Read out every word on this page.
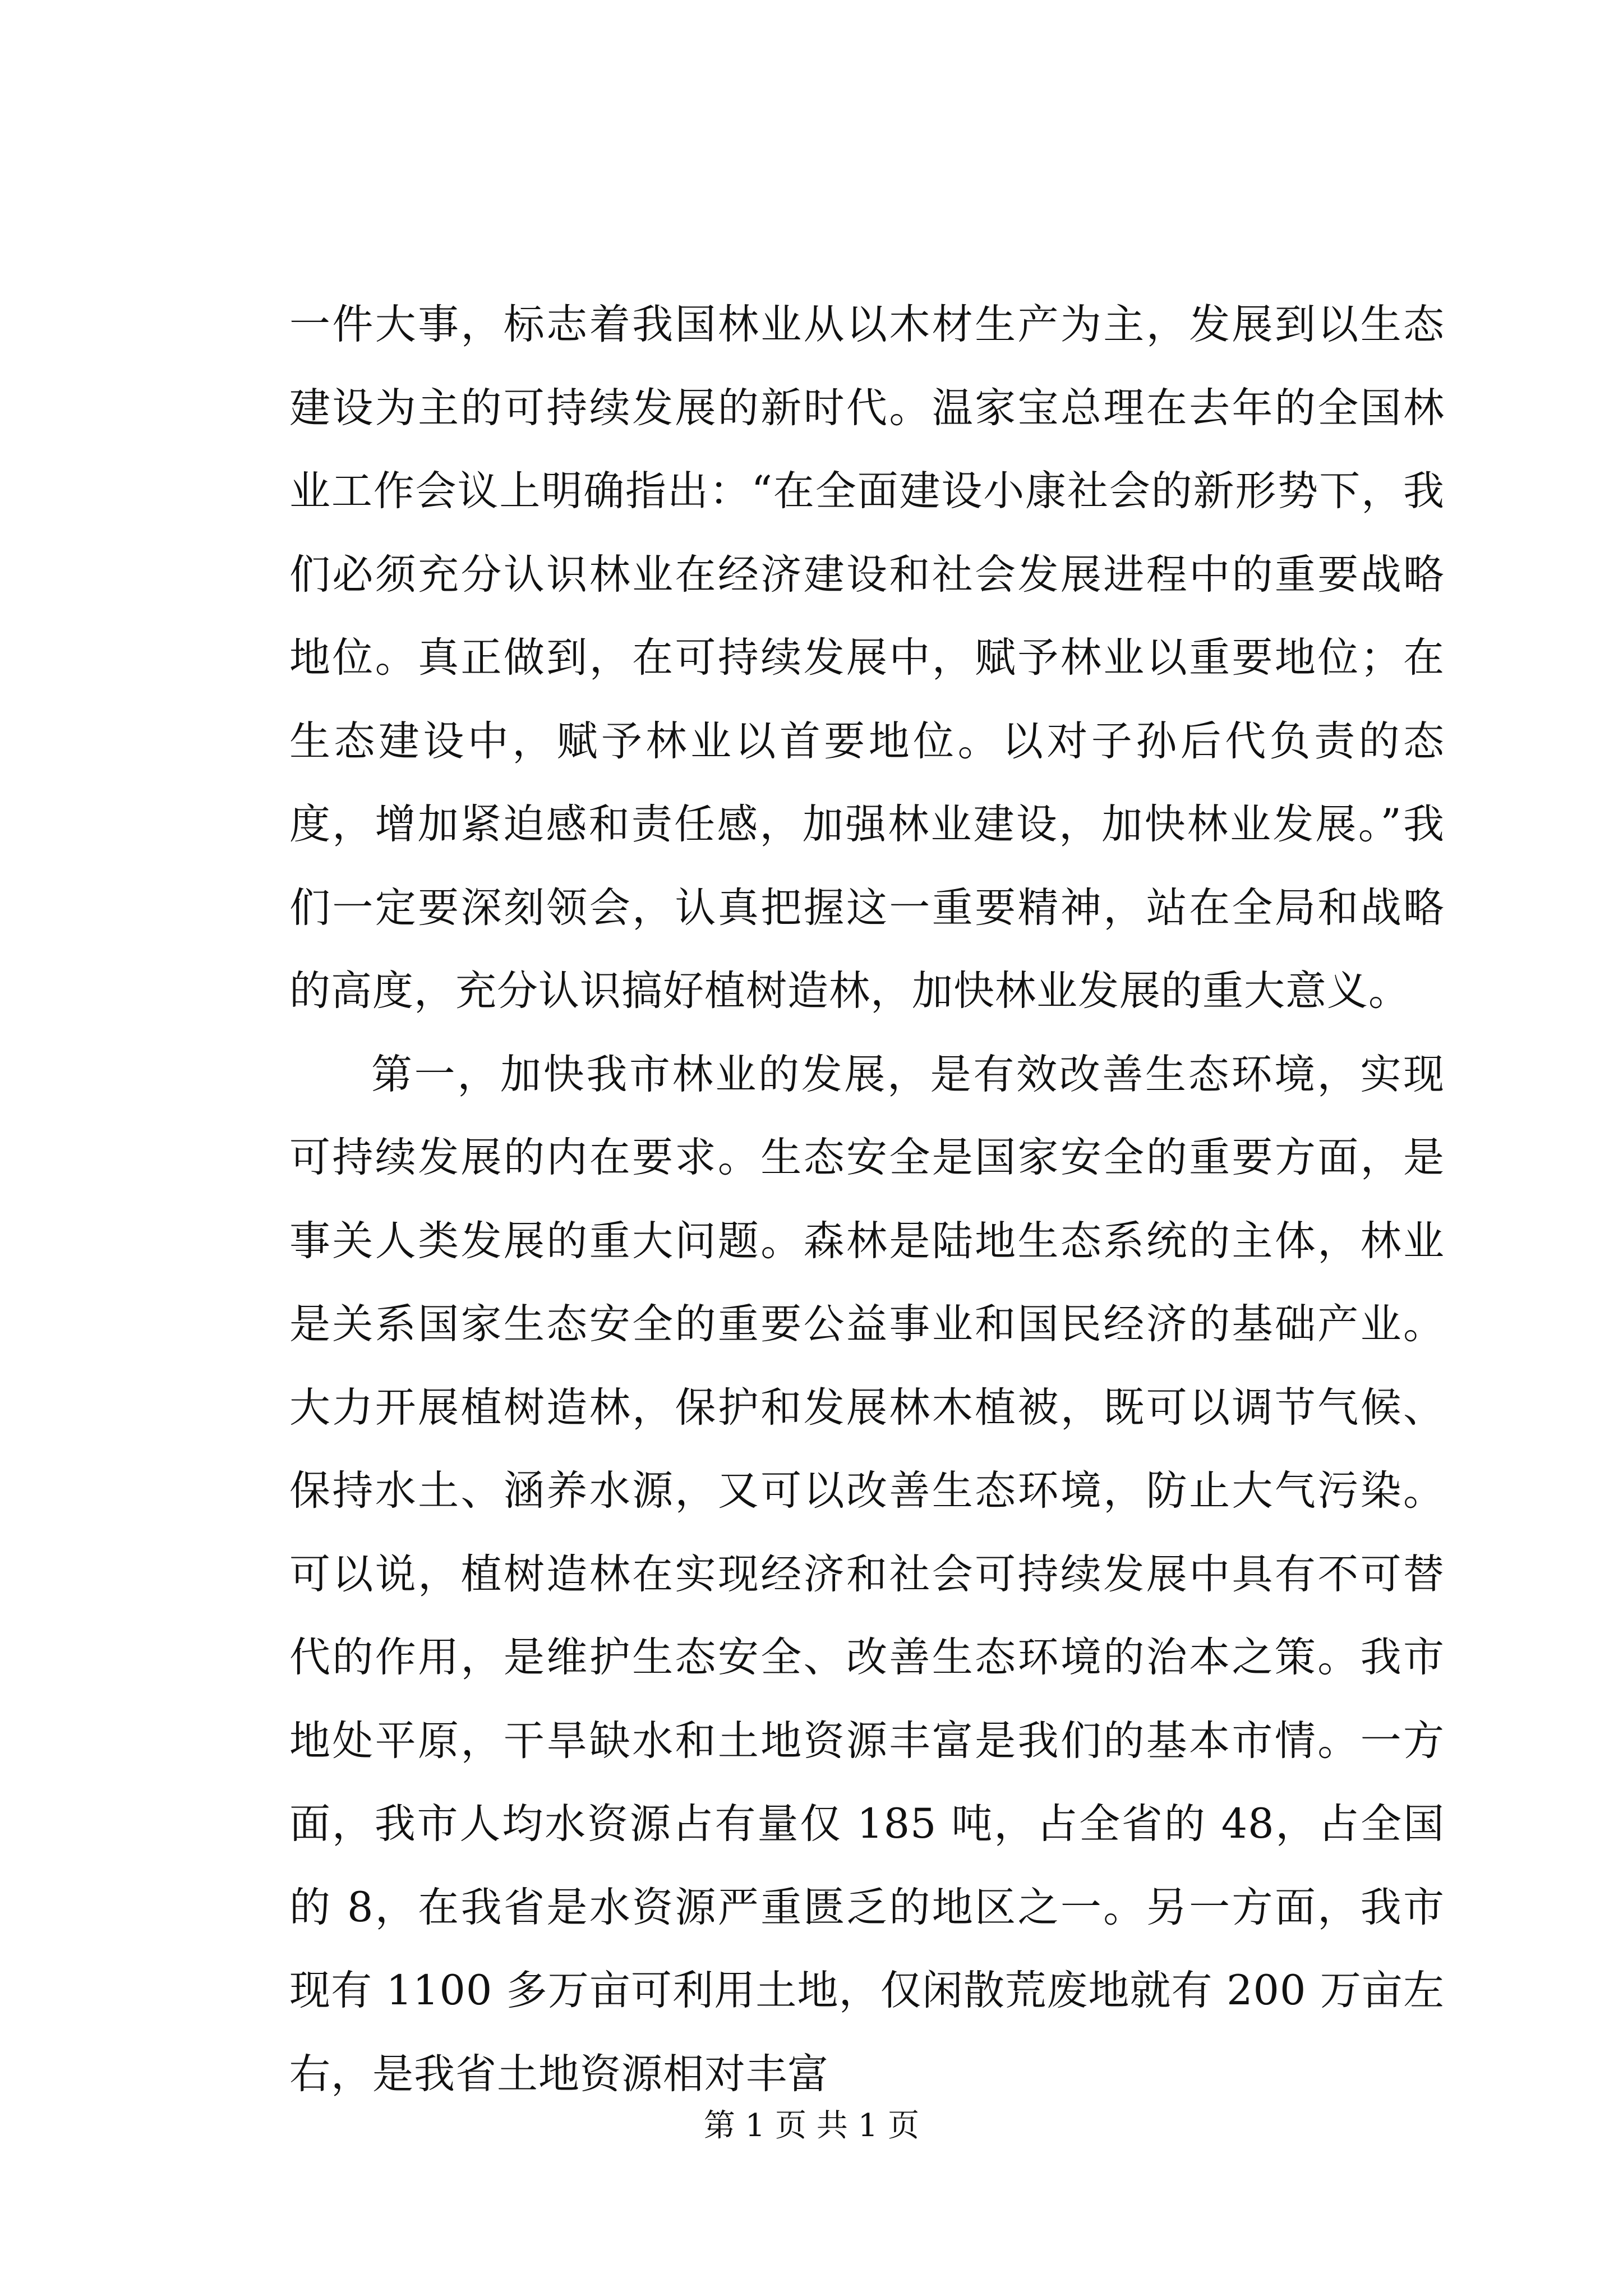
一件大事，标志着我国林业从以木材生产为主，发展到以生态建设为主的可持续发展的新时代。温家宝总理在去年的全国林业工作会议上明确指出：“在全面建设小康社会的新形势下，我们必须充分认识林业在经济建设和社会发展进程中的重要战略地位。真正做到，在可持续发展中，赋予林业以重要地位；在生态建设中，赋予林业以首要地位。以对子孙后代负责的态度，增加紧迫感和责任感，加强林业建设，加快林业发展。”我们一定要深刻领会，认真把握这一重要精神，站在全局和战略的高度，充分认识搞好植树造林，加快林业发展的重大意义。

第一，加快我市林业的发展，是有效改善生态环境，实现可持续发展的内在要求。生态安全是国家安全的重要方面，是事关人类发展的重大问题。森林是陆地生态系统的主体，林业是关系国家生态安全的重要公益事业和国民经济的基础产业。大力开展植树造林，保护和发展林木植被，既可以调节气候、保持水土、涵养水源，又可以改善生态环境，防止大气污染。可以说，植树造林在实现经济和社会可持续发展中具有不可替代的作用，是维护生态安全、改善生态环境的治本之策。我市地处平原，干旱缺水和土地资源丰富是我们的基本市情。一方面，我市人均水资源占有量仅 185 吨，占全省的 48，占全国的 8，在我省是水资源严重匮乏的地区之一。另一方面，我市现有 1100 多万亩可利用土地，仅闲散荒废地就有 200 万亩左右，是我省土地资源相对丰富

第 1 页 共 1 页
